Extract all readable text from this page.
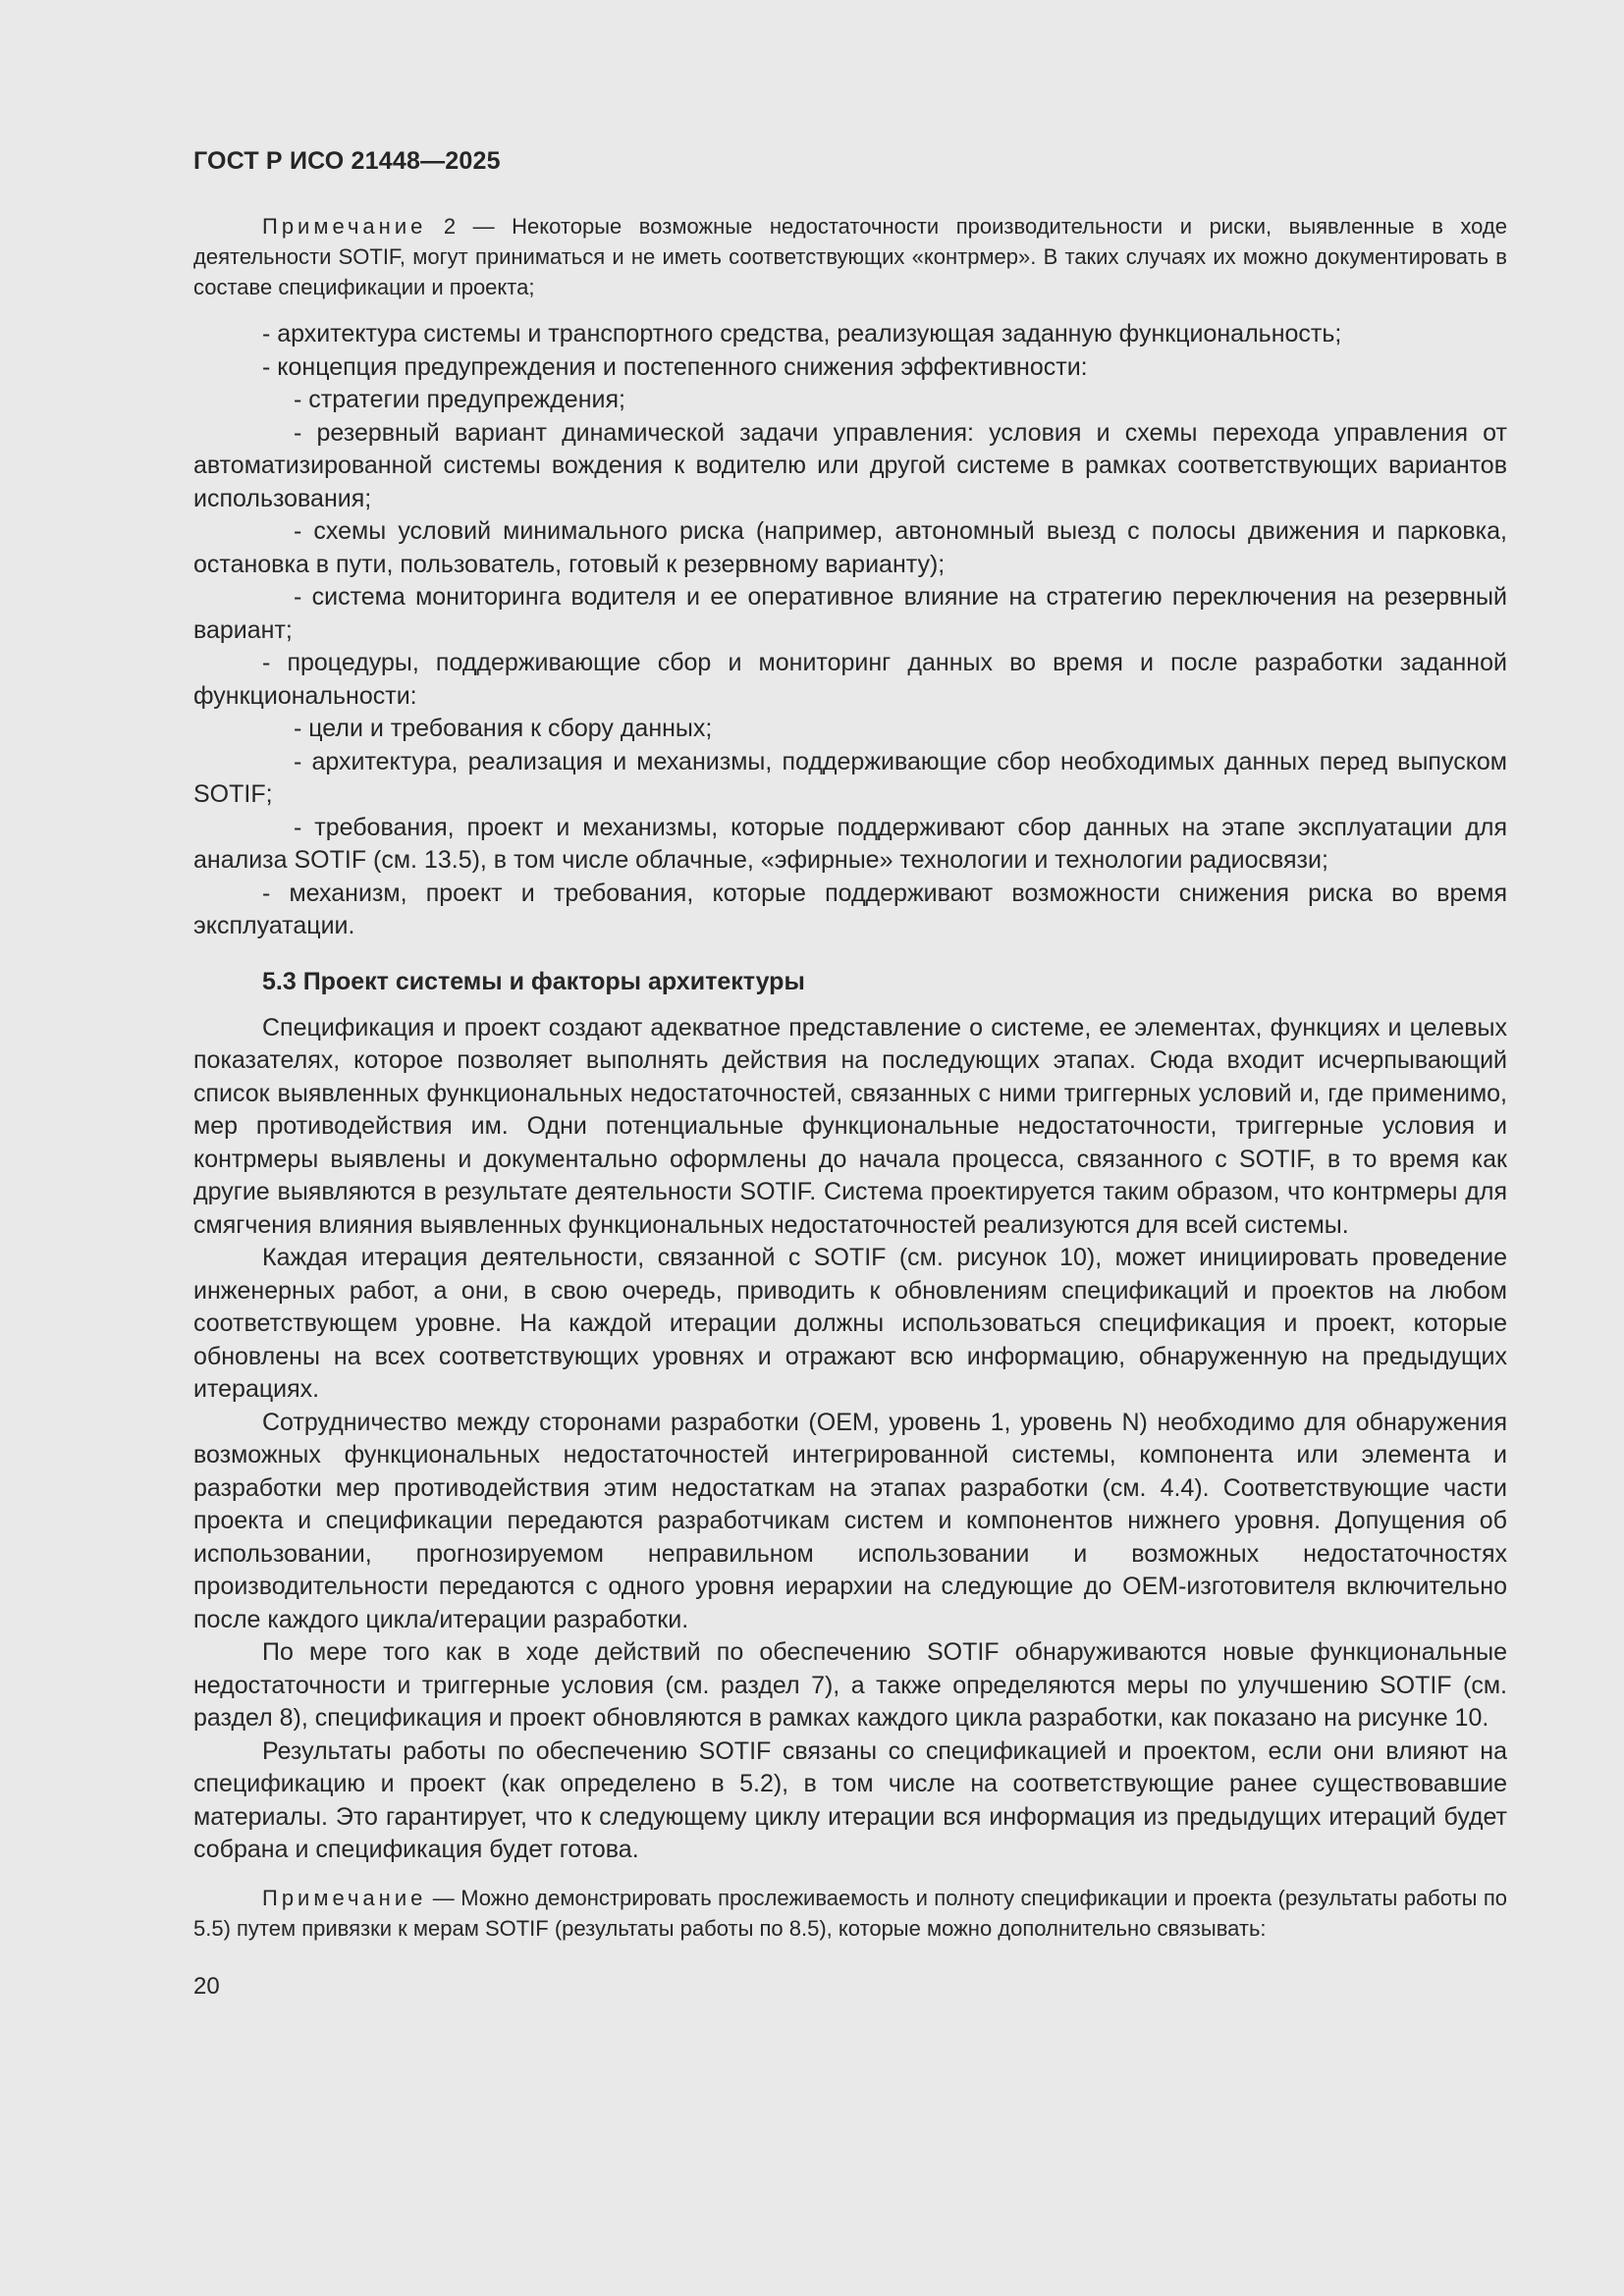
ГОСТ Р ИСО 21448—2025

Примечание 2 — Некоторые возможные недостаточности производительности и риски, выявленные в ходе деятельности SOTIF, могут приниматься и не иметь соответствующих «контрмер». В таких случаях их можно документировать в составе спецификации и проекта;

- архитектура системы и транспортного средства, реализующая заданную функциональность;

- концепция предупреждения и постепенного снижения эффективности:

- стратегии предупреждения;

- резервный вариант динамической задачи управления: условия и схемы перехода управления от автоматизированной системы вождения к водителю или другой системе в рамках соответствующих вариантов использования;

- схемы условий минимального риска (например, автономный выезд с полосы движения и парковка, остановка в пути, пользователь, готовый к резервному варианту);

- система мониторинга водителя и ее оперативное влияние на стратегию переключения на резервный вариант;

- процедуры, поддерживающие сбор и мониторинг данных во время и после разработки заданной функциональности:

- цели и требования к сбору данных;

- архитектура, реализация и механизмы, поддерживающие сбор необходимых данных перед выпуском SOTIF;

- требования, проект и механизмы, которые поддерживают сбор данных на этапе эксплуатации для анализа SOTIF (см. 13.5), в том числе облачные, «эфирные» технологии и технологии радиосвязи;

- механизм, проект и требования, которые поддерживают возможности снижения риска во время эксплуатации.

5.3 Проект системы и факторы архитектуры

Спецификация и проект создают адекватное представление о системе, ее элементах, функциях и целевых показателях, которое позволяет выполнять действия на последующих этапах. Сюда входит исчерпывающий список выявленных функциональных недостаточностей, связанных с ними триггерных условий и, где применимо, мер противодействия им. Одни потенциальные функциональные недостаточности, триггерные условия и контрмеры выявлены и документально оформлены до начала процесса, связанного с SOTIF, в то время как другие выявляются в результате деятельности SOTIF. Система проектируется таким образом, что контрмеры для смягчения влияния выявленных функциональных недостаточностей реализуются для всей системы.

Каждая итерация деятельности, связанной с SOTIF (см. рисунок 10), может инициировать проведение инженерных работ, а они, в свою очередь, приводить к обновлениям спецификаций и проектов на любом соответствующем уровне. На каждой итерации должны использоваться спецификация и проект, которые обновлены на всех соответствующих уровнях и отражают всю информацию, обнаруженную на предыдущих итерациях.

Сотрудничество между сторонами разработки (OEM, уровень 1, уровень N) необходимо для обнаружения возможных функциональных недостаточностей интегрированной системы, компонента или элемента и разработки мер противодействия этим недостаткам на этапах разработки (см. 4.4). Соответствующие части проекта и спецификации передаются разработчикам систем и компонентов нижнего уровня. Допущения об использовании, прогнозируемом неправильном использовании и возможных недостаточностях производительности передаются с одного уровня иерархии на следующие до OEM-изготовителя включительно после каждого цикла/итерации разработки.

По мере того как в ходе действий по обеспечению SOTIF обнаруживаются новые функциональные недостаточности и триггерные условия (см. раздел 7), а также определяются меры по улучшению SOTIF (см. раздел 8), спецификация и проект обновляются в рамках каждого цикла разработки, как показано на рисунке 10.

Результаты работы по обеспечению SOTIF связаны со спецификацией и проектом, если они влияют на спецификацию и проект (как определено в 5.2), в том числе на соответствующие ранее существовавшие материалы. Это гарантирует, что к следующему циклу итерации вся информация из предыдущих итераций будет собрана и спецификация будет готова.

Примечание — Можно демонстрировать прослеживаемость и полноту спецификации и проекта (результаты работы по 5.5) путем привязки к мерам SOTIF (результаты работы по 8.5), которые можно дополнительно связывать:

20
